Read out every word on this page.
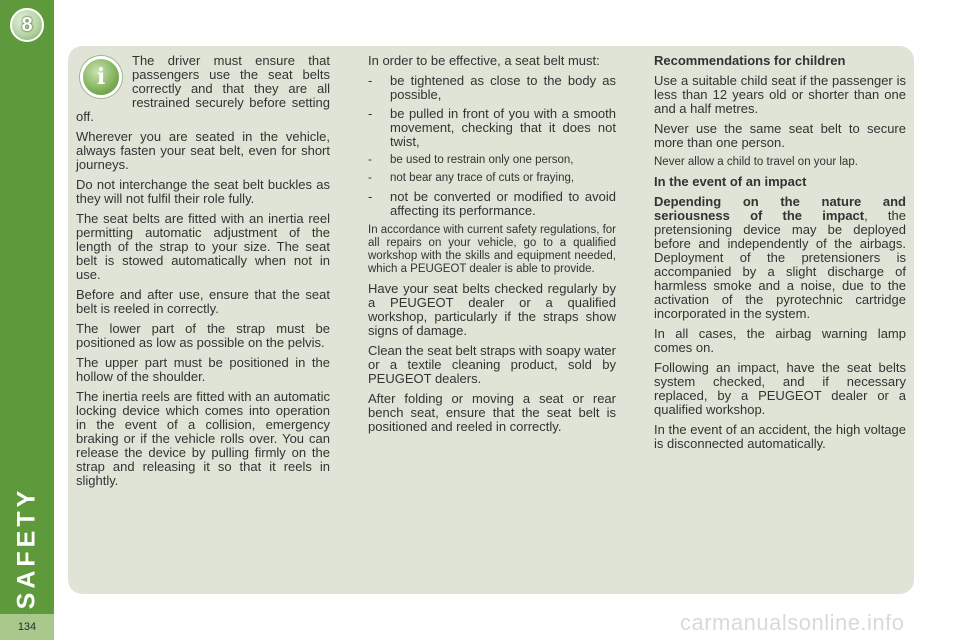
8
SAFETY
134
i

The driver must ensure that passengers use the seat belts correctly and that they are all restrained securely before setting off.

Wherever you are seated in the vehicle, always fasten your seat belt, even for short journeys.

Do not interchange the seat belt buckles as they will not fulfil their role fully.

The seat belts are fitted with an inertia reel permitting automatic adjustment of the length of the strap to your size. The seat belt is stowed automatically when not in use.

Before and after use, ensure that the seat belt is reeled in correctly.

The lower part of the strap must be positioned as low as possible on the pelvis.

The upper part must be positioned in the hollow of the shoulder.

The inertia reels are fitted with an automatic locking device which comes into operation in the event of a collision, emergency braking or if the vehicle rolls over. You can release the device by pulling firmly on the strap and releasing it so that it reels in slightly.

In order to be effective, a seat belt must:

- be tightened as close to the body as possible,
- be pulled in front of you with a smooth movement, checking that it does not twist,
- be used to restrain only one person,
- not bear any trace of cuts or fraying,
- not be converted or modified to avoid affecting its performance.

In accordance with current safety regulations, for all repairs on your vehicle, go to a qualified workshop with the skills and equipment needed, which a PEUGEOT dealer is able to provide.

Have your seat belts checked regularly by a PEUGEOT dealer or a qualified workshop, particularly if the straps show signs of damage.

Clean the seat belt straps with soapy water or a textile cleaning product, sold by PEUGEOT dealers.

After folding or moving a seat or rear bench seat, ensure that the seat belt is positioned and reeled in correctly.

Recommendations for children

Use a suitable child seat if the passenger is less than 12 years old or shorter than one and a half metres.

Never use the same seat belt to secure more than one person.

Never allow a child to travel on your lap.

In the event of an impact

Depending on the nature and seriousness of the impact, the pretensioning device may be deployed before and independently of the airbags. Deployment of the pretensioners is accompanied by a slight discharge of harmless smoke and a noise, due to the activation of the pyrotechnic cartridge incorporated in the system.

In all cases, the airbag warning lamp comes on.

Following an impact, have the seat belts system checked, and if necessary replaced, by a PEUGEOT dealer or a qualified workshop.

In the event of an accident, the high voltage is disconnected automatically.

carmanualsonline.info
